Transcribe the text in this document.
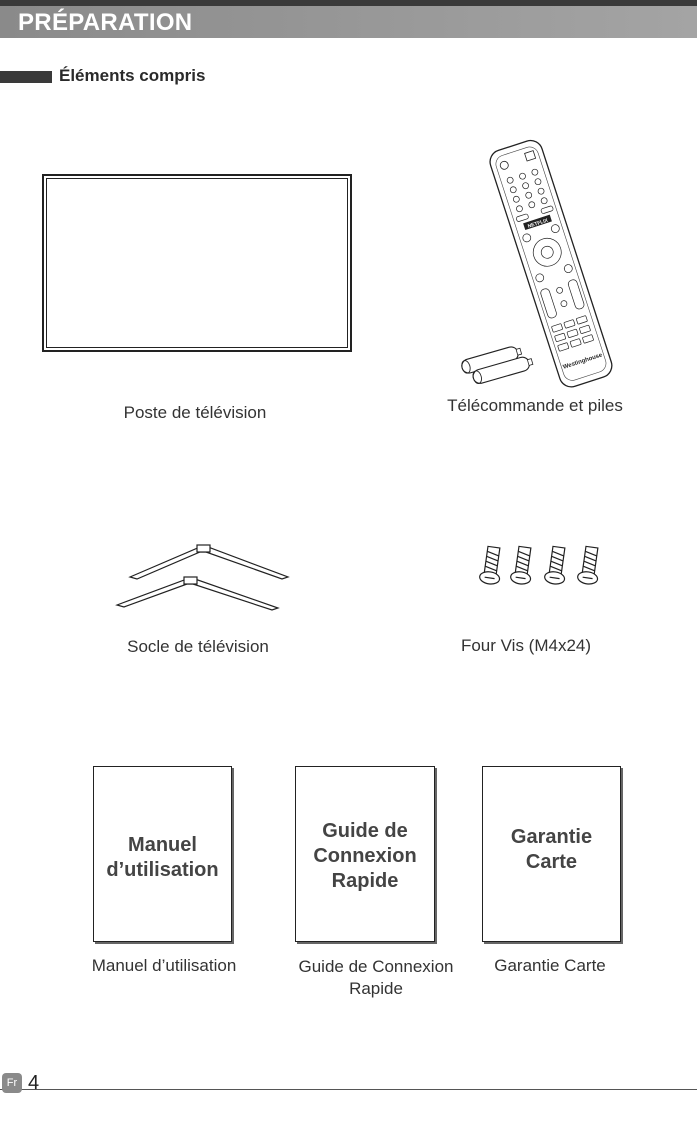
PRÉPARATION
Éléments compris
Poste de télévision
NETFLIX
Westinghouse
Télécommande et piles
Socle de télévision	Four Vis (M4x24)
Manuel
d’utilisation
Manuel d’utilisation
Guide de
Connexion
Rapide
Guide de Connexion
Rapide
Garantie
Carte
Garantie Carte
Fr 4
